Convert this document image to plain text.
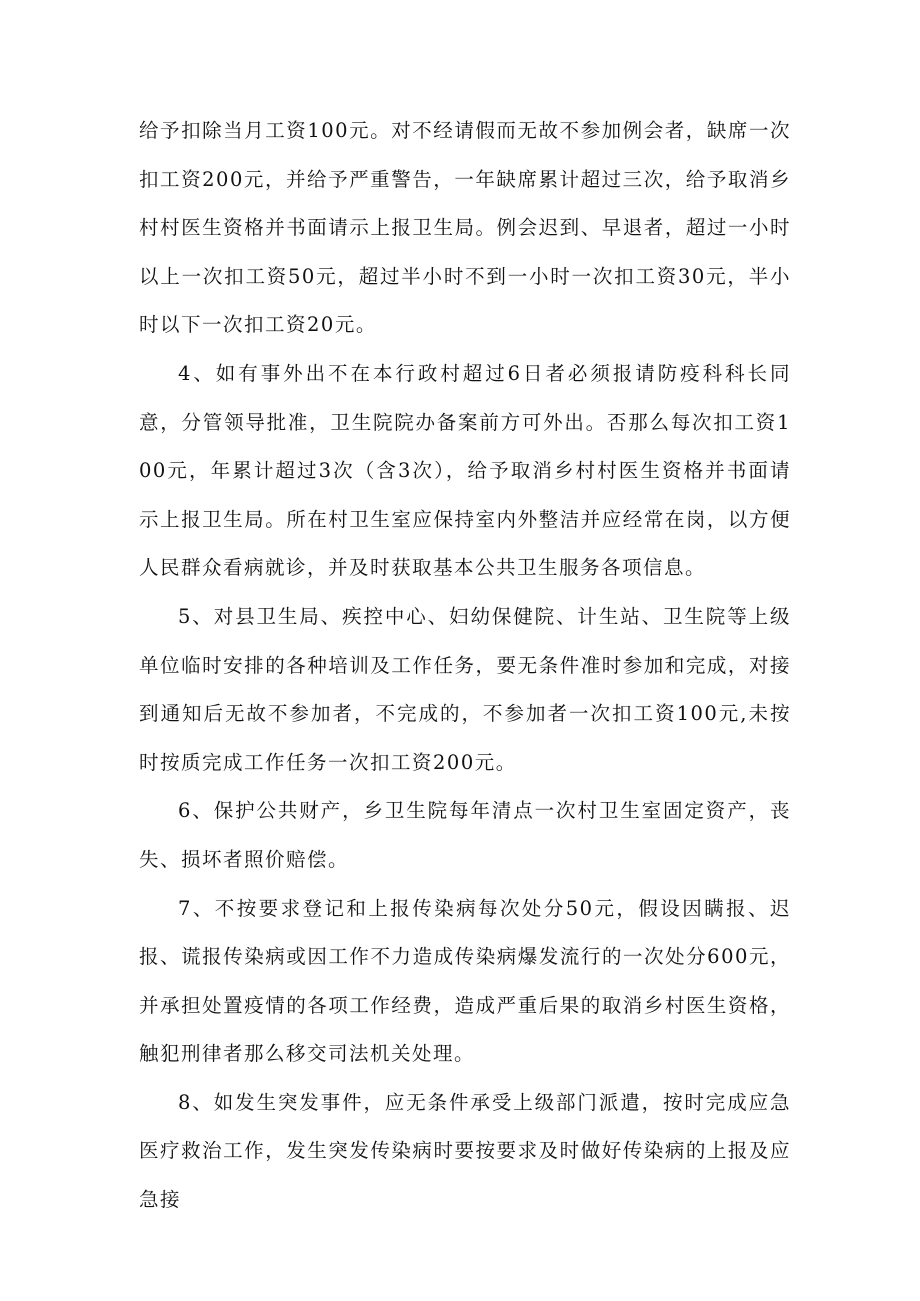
给予扣除当月工资100元。对不经请假而无故不参加例会者，缺席一次扣工资200元，并给予严重警告，一年缺席累计超过三次，给予取消乡村村医生资格并书面请示上报卫生局。例会迟到、早退者，超过一小时以上一次扣工资50元，超过半小时不到一小时一次扣工资30元，半小时以下一次扣工资20元。

4、如有事外出不在本行政村超过6日者必须报请防疫科科长同意，分管领导批准，卫生院院办备案前方可外出。否那么每次扣工资100元，年累计超过3次（含3次），给予取消乡村村医生资格并书面请示上报卫生局。所在村卫生室应保持室内外整洁并应经常在岗，以方便人民群众看病就诊，并及时获取基本公共卫生服务各项信息。

5、对县卫生局、疾控中心、妇幼保健院、计生站、卫生院等上级单位临时安排的各种培训及工作任务，要无条件准时参加和完成，对接到通知后无故不参加者，不完成的，不参加者一次扣工资100元,未按时按质完成工作任务一次扣工资200元。

6、保护公共财产，乡卫生院每年清点一次村卫生室固定资产，丧失、损坏者照价赔偿。

7、不按要求登记和上报传染病每次处分50元，假设因瞒报、迟报、谎报传染病或因工作不力造成传染病爆发流行的一次处分600元，并承担处置疫情的各项工作经费，造成严重后果的取消乡村医生资格，触犯刑律者那么移交司法机关处理。

8、如发生突发事件，应无条件承受上级部门派遣，按时完成应急医疗救治工作，发生突发传染病时要按要求及时做好传染病的上报及应急接
